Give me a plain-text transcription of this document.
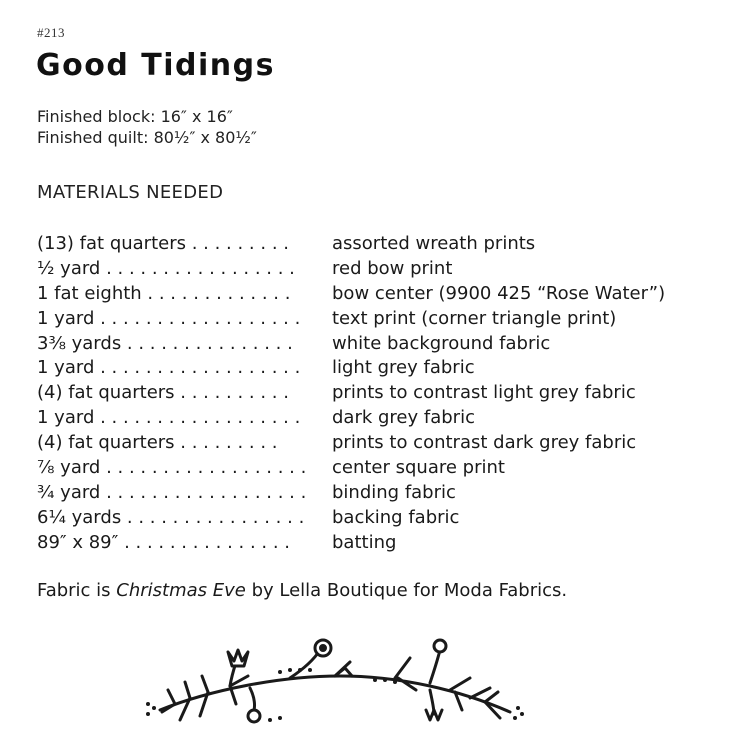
#213
Good Tidings
Finished block: 16″ x 16″
Finished quilt: 80½″ x 80½″
MATERIALS NEEDED
(13) fat quarters . . . . . . . . .	assorted wreath prints
½ yard . . . . . . . . . . . . . . . . .	red bow print
1 fat eighth . . . . . . . . . . . . .	bow center (9900 425 “Rose Water”)
1 yard . . . . . . . . . . . . . . . . . .	text print (corner triangle print)
3⅜ yards . . . . . . . . . . . . . . .	white background fabric
1 yard . . . . . . . . . . . . . . . . . .	light grey fabric
(4) fat quarters . . . . . . . . . .	prints to contrast light grey fabric
1 yard . . . . . . . . . . . . . . . . . .	dark grey fabric
(4) fat quarters . . . . . . . . .	prints to contrast dark grey fabric
⅞ yard . . . . . . . . . . . . . . . . . .	center square print
¾ yard . . . . . . . . . . . . . . . . . .	binding fabric
6¼ yards . . . . . . . . . . . . . . . .	backing fabric
89″ x 89″ . . . . . . . . . . . . . . .	batting
Fabric is Christmas Eve by Lella Boutique for Moda Fabrics.
